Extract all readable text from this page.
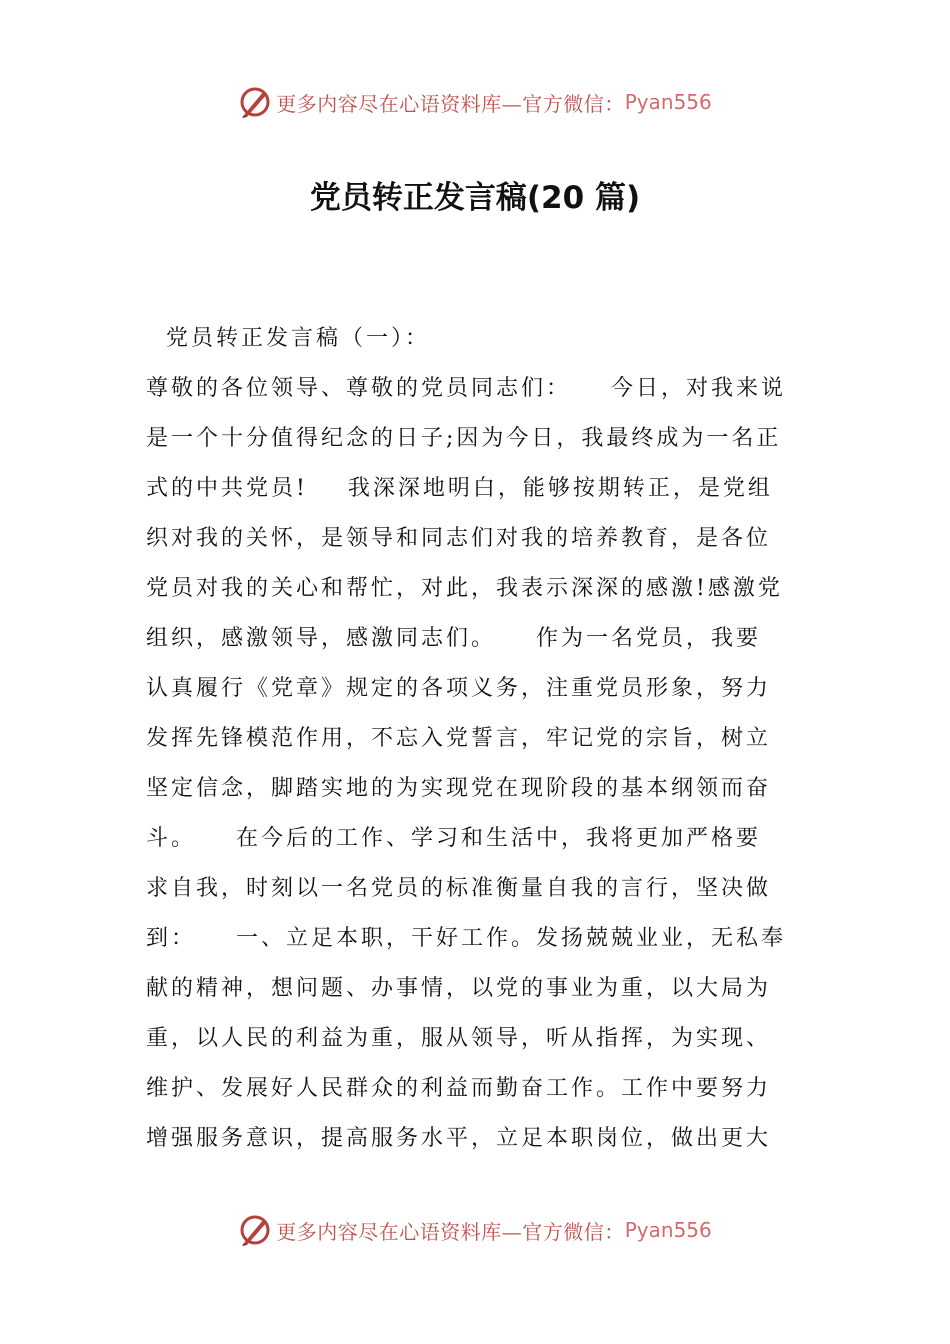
更多内容尽在心语资料库—官方微信： Pyan556
党员转正发言稿(20 篇)
党员转正发言稿（一）：
尊敬的各位领导、尊敬的党员同志们：    今日，对我来说
是一个十分值得纪念的日子;因为今日，我最终成为一名正
式的中共党员!    我深深地明白，能够按期转正，是党组
织对我的关怀，是领导和同志们对我的培养教育，是各位
党员对我的关心和帮忙，对此，我表示深深的感激!感激党
组织，感激领导，感激同志们。    作为一名党员，我要
认真履行《党章》规定的各项义务，注重党员形象，努力
发挥先锋模范作用，不忘入党誓言，牢记党的宗旨，树立
坚定信念，脚踏实地的为实现党在现阶段的基本纲领而奋
斗。    在今后的工作、学习和生活中，我将更加严格要
求自我，时刻以一名党员的标准衡量自我的言行，坚决做
到：    一、立足本职，干好工作。发扬兢兢业业，无私奉
献的精神，想问题、办事情，以党的事业为重，以大局为
重，以人民的利益为重，服从领导，听从指挥，为实现、
维护、发展好人民群众的利益而勤奋工作。工作中要努力
增强服务意识，提高服务水平，立足本职岗位，做出更大
更多内容尽在心语资料库—官方微信： Pyan556
